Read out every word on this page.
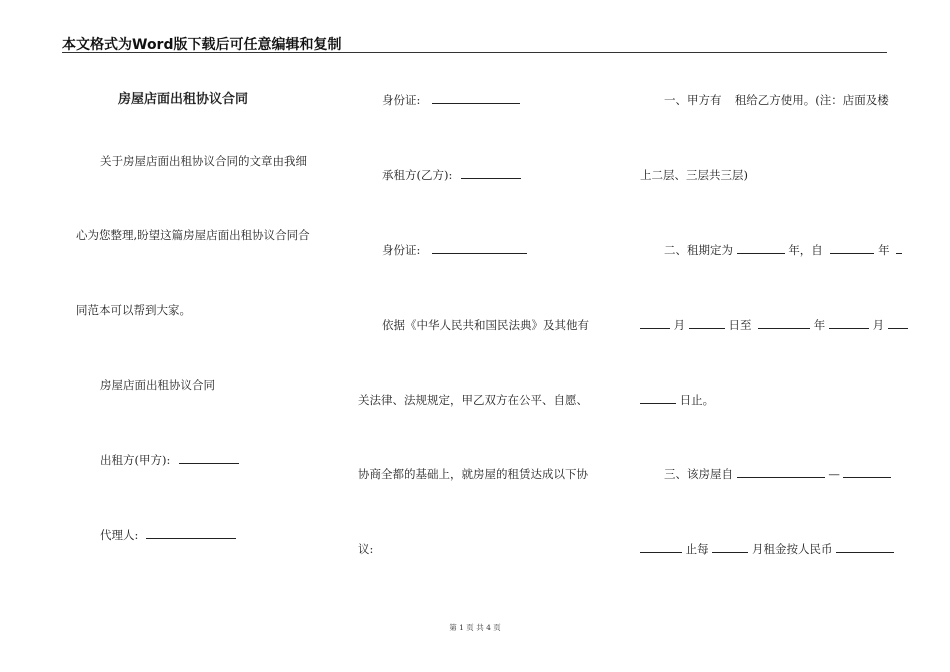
本文格式为Word版下载后可任意编辑和复制
房屋店面出租协议合同
关于房屋店面出租协议合同的文章由我细
心为您整理,盼望这篇房屋店面出租协议合同合
同范本可以帮到大家。
房屋店面出租协议合同
出租方(甲方):
代理人:
身份证:
承租方(乙方):
身份证:
依据《中华人民共和国民法典》及其他有
关法律、法规规定，甲乙双方在公平、自愿、
协商全都的基础上，就房屋的租赁达成以下协
议:
一、甲方有 租给乙方使用。(注：店面及楼
上二层、三层共三层)
二、租期定为	年，自	年
月	日至	年	月
日止。
三、该房屋自	—
止每	月租金按人民币
第 1 页 共 4 页
